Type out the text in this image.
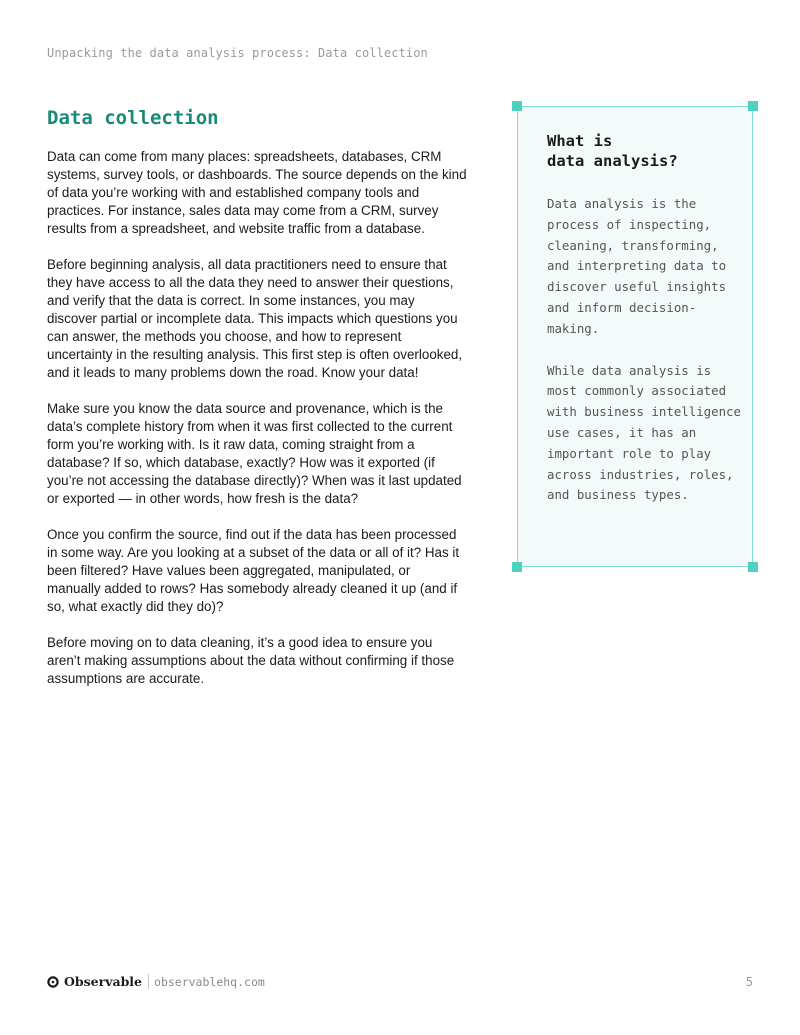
Unpacking the data analysis process: Data collection
Data collection

Data can come from many places: spreadsheets, databases, CRM systems, survey tools, or dashboards. The source depends on the kind of data you’re working with and established company tools and practices. For instance, sales data may come from a CRM, survey results from a spreadsheet, and website traffic from a database.

Before beginning analysis, all data practitioners need to ensure that they have access to all the data they need to answer their questions, and verify that the data is correct. In some instances, you may discover partial or incomplete data. This impacts which questions you can answer, the methods you choose, and how to represent uncertainty in the resulting analysis. This first step is often overlooked, and it leads to many problems down the road. Know your data!

Make sure you know the data source and provenance, which is the data’s complete history from when it was first collected to the current form you’re working with. Is it raw data, coming straight from a database? If so, which database, exactly? How was it exported (if you’re not accessing the database directly)? When was it last updated or exported — in other words, how fresh is the data?

Once you confirm the source, find out if the data has been processed in some way. Are you looking at a subset of the data or all of it? Has it been filtered? Have values been aggregated, manipulated, or manually added to rows? Has somebody already cleaned it up (and if so, what exactly did they do)?

Before moving on to data cleaning, it’s a good idea to ensure you aren’t making assumptions about the data without confirming if those assumptions are accurate.

What is
data analysis?

Data analysis is the process of inspecting, cleaning, transforming, and interpreting data to discover useful insights and inform decision-making.

While data analysis is most commonly associated with business intelligence use cases, it has an important role to play across industries, roles, and business types.

Observable observablehq.com	5
